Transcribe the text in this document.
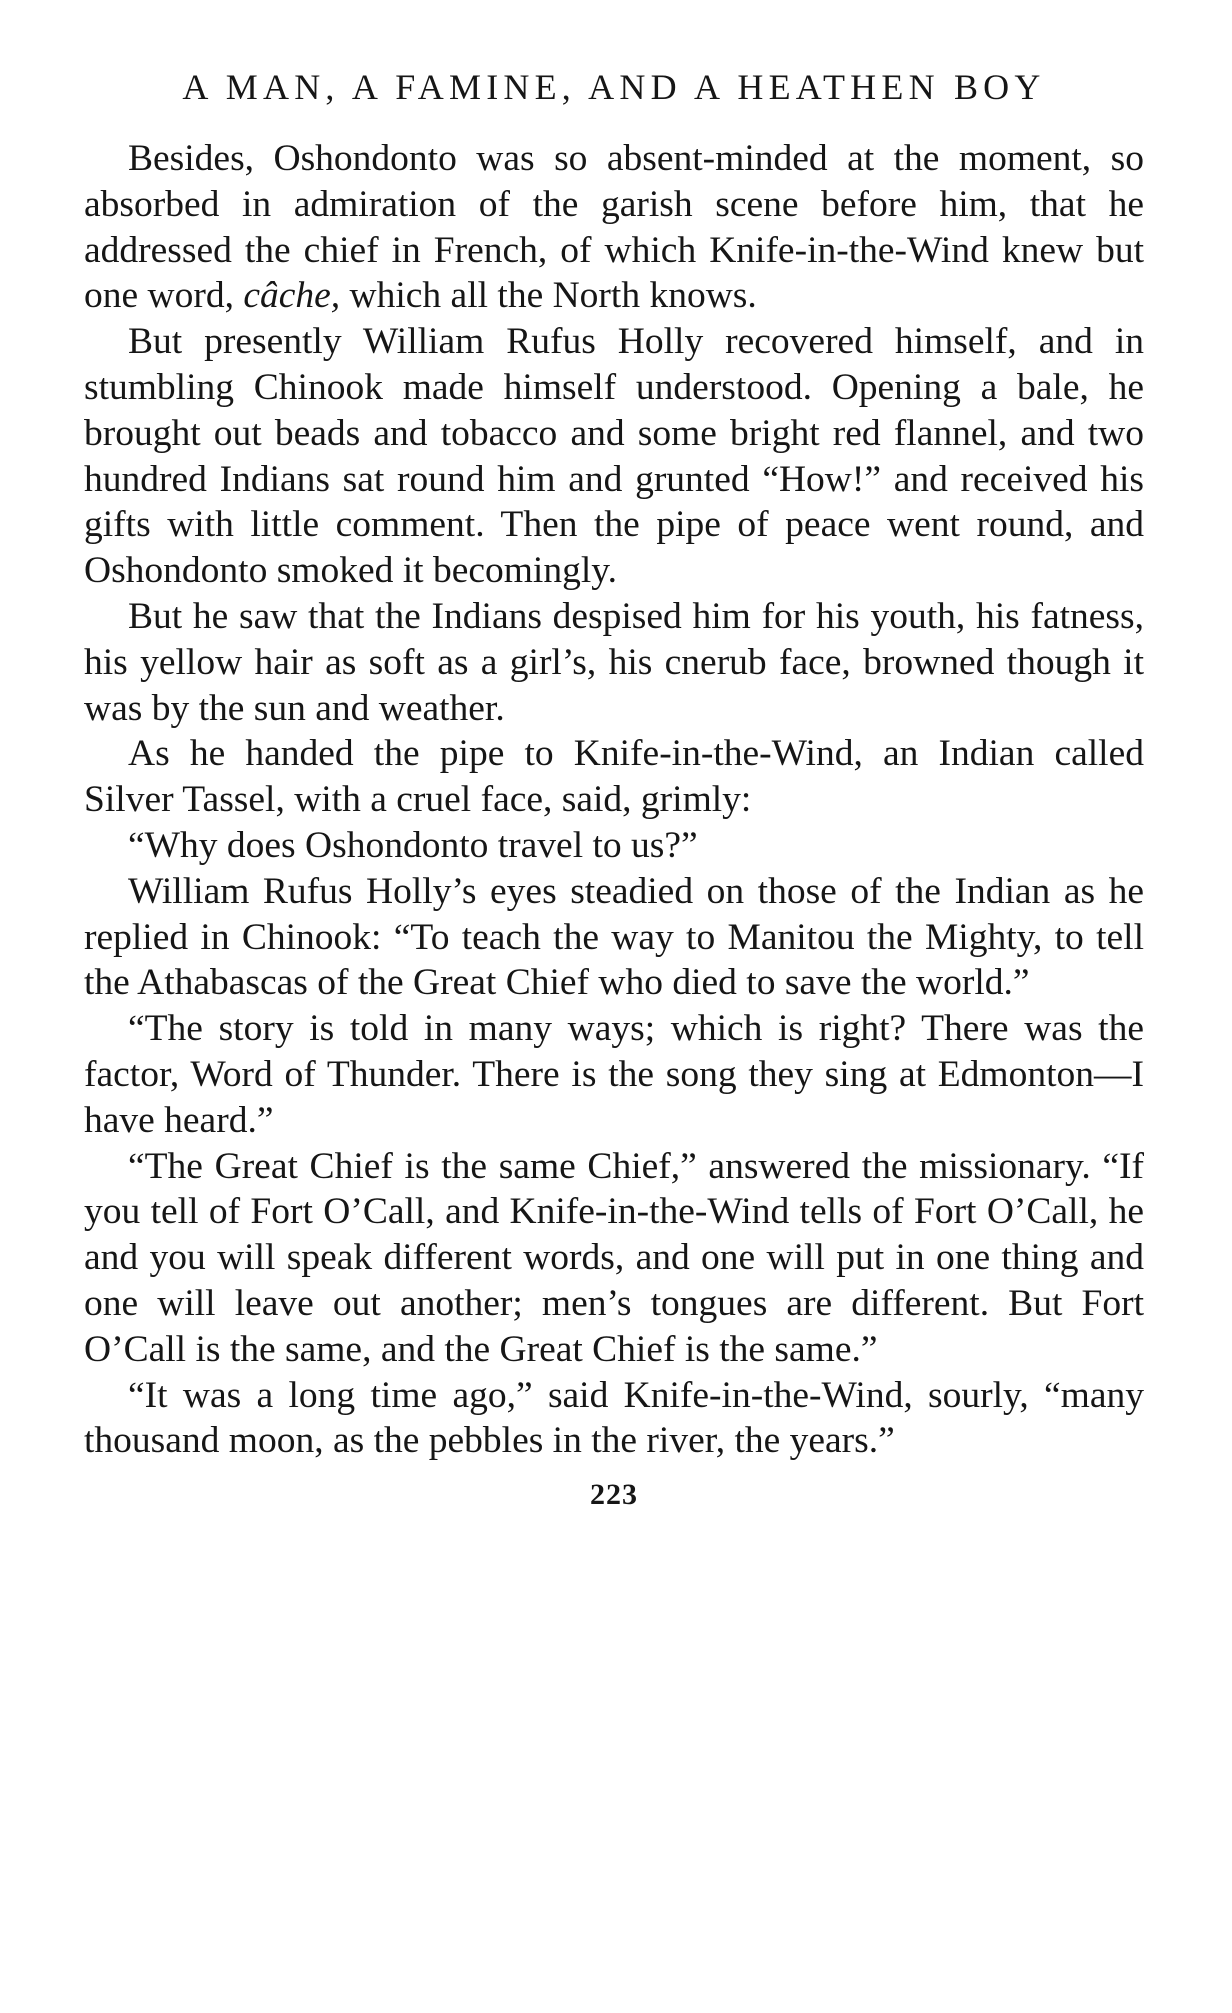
A MAN, A FAMINE, AND A HEATHEN BOY

Besides, Oshondonto was so absent-minded at the moment, so absorbed in admiration of the garish scene before him, that he addressed the chief in French, of which Knife-in-the-Wind knew but one word, câche, which all the North knows.

But presently William Rufus Holly recovered himself, and in stumbling Chinook made himself understood. Opening a bale, he brought out beads and tobacco and some bright red flannel, and two hundred Indians sat round him and grunted “How!” and received his gifts with little comment. Then the pipe of peace went round, and Oshondonto smoked it becomingly.

But he saw that the Indians despised him for his youth, his fatness, his yellow hair as soft as a girl’s, his cnerub face, browned though it was by the sun and weather.

As he handed the pipe to Knife-in-the-Wind, an Indian called Silver Tassel, with a cruel face, said, grimly:

“Why does Oshondonto travel to us?”

William Rufus Holly’s eyes steadied on those of the Indian as he replied in Chinook: “To teach the way to Manitou the Mighty, to tell the Athabascas of the Great Chief who died to save the world.”

“The story is told in many ways; which is right? There was the factor, Word of Thunder. There is the song they sing at Edmonton—I have heard.”

“The Great Chief is the same Chief,” answered the missionary. “If you tell of Fort O’Call, and Knife-in-the-Wind tells of Fort O’Call, he and you will speak different words, and one will put in one thing and one will leave out another; men’s tongues are different. But Fort O’Call is the same, and the Great Chief is the same.”

“It was a long time ago,” said Knife-in-the-Wind, sourly, “many thousand moon, as the pebbles in the river, the years.”

223
